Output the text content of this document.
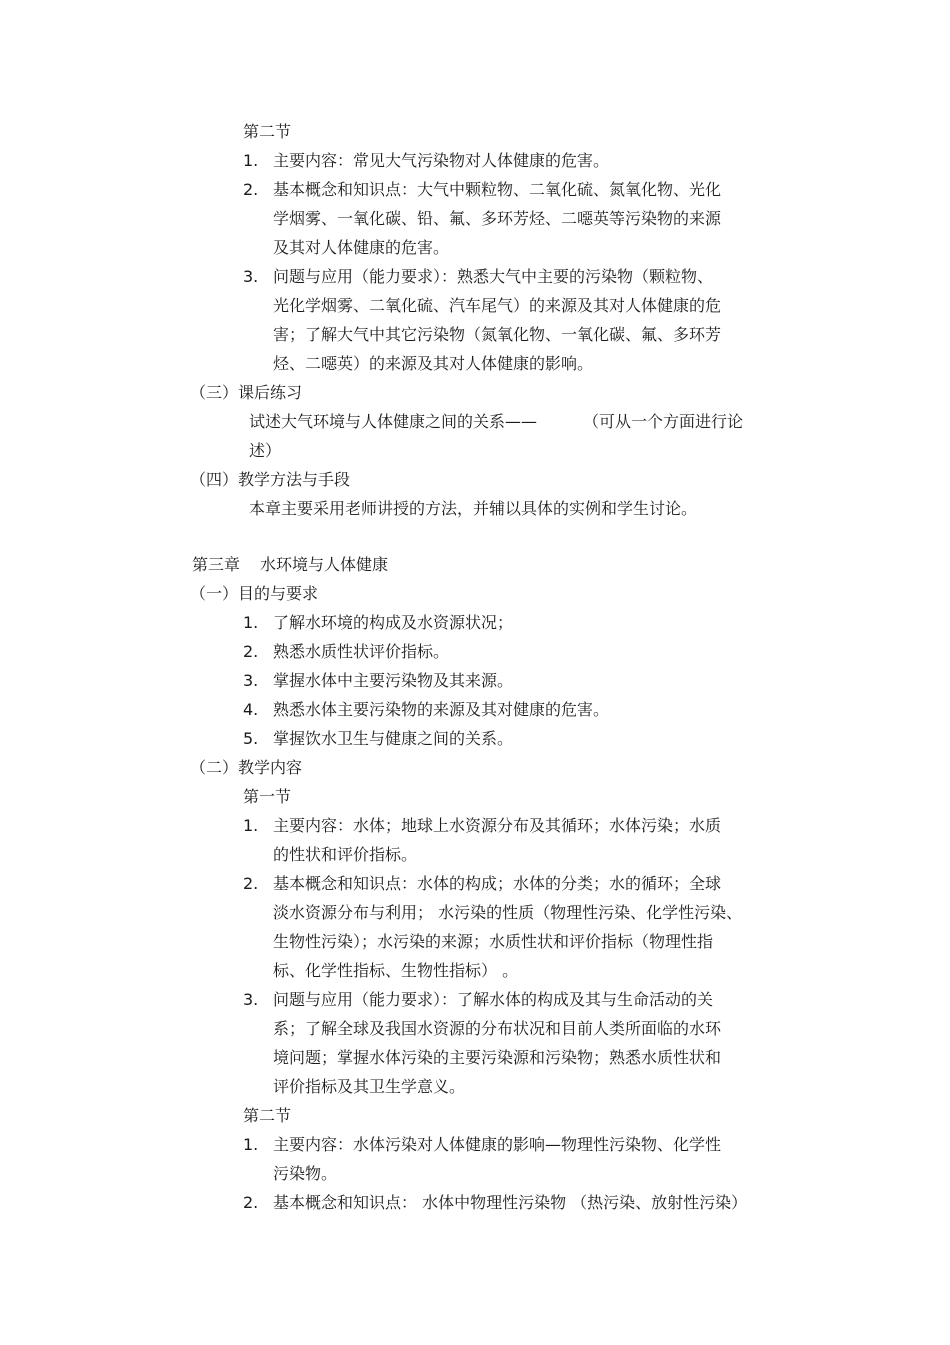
第二节
1. 主要内容：常见大气污染物对人体健康的危害。
2. 基本概念和知识点：大气中颗粒物、二氧化硫、氮氧化物、光化
学烟雾、一氧化碳、铅、氟、多环芳烃、二噁英等污染物的来源
及其对人体健康的危害。
3. 问题与应用（能力要求）：熟悉大气中主要的污染物（颗粒物、
光化学烟雾、二氧化硫、汽车尾气）的来源及其对人体健康的危
害；了解大气中其它污染物（氮氧化物、一氧化碳、氟、多环芳
烃、二噁英）的来源及其对人体健康的影响。
（三）课后练习
试述大气环境与人体健康之间的关系——	（可从一个方面进行论
述）
（四）教学方法与手段
本章主要采用老师讲授的方法，并辅以具体的实例和学生讨论。
第三章 水环境与人体健康
（一）目的与要求
1. 了解水环境的构成及水资源状况；
2. 熟悉水质性状评价指标。
3. 掌握水体中主要污染物及其来源。
4. 熟悉水体主要污染物的来源及其对健康的危害。
5. 掌握饮水卫生与健康之间的关系。
（二）教学内容
第一节
1. 主要内容：水体；地球上水资源分布及其循环；水体污染；水质
的性状和评价指标。
2. 基本概念和知识点：水体的构成；水体的分类；水的循环；全球
淡水资源分布与利用； 水污染的性质（物理性污染、化学性污染、
生物性污染）；水污染的来源；水质性状和评价指标（物理性指
标、化学性指标、生物性指标） 。
3. 问题与应用（能力要求）：了解水体的构成及其与生命活动的关
系；了解全球及我国水资源的分布状况和目前人类所面临的水环
境问题；掌握水体污染的主要污染源和污染物；熟悉水质性状和
评价指标及其卫生学意义。
第二节
1. 主要内容：水体污染对人体健康的影响—物理性污染物、化学性
污染物。
2. 基本概念和知识点： 水体中物理性污染物 （热污染、放射性污染）
